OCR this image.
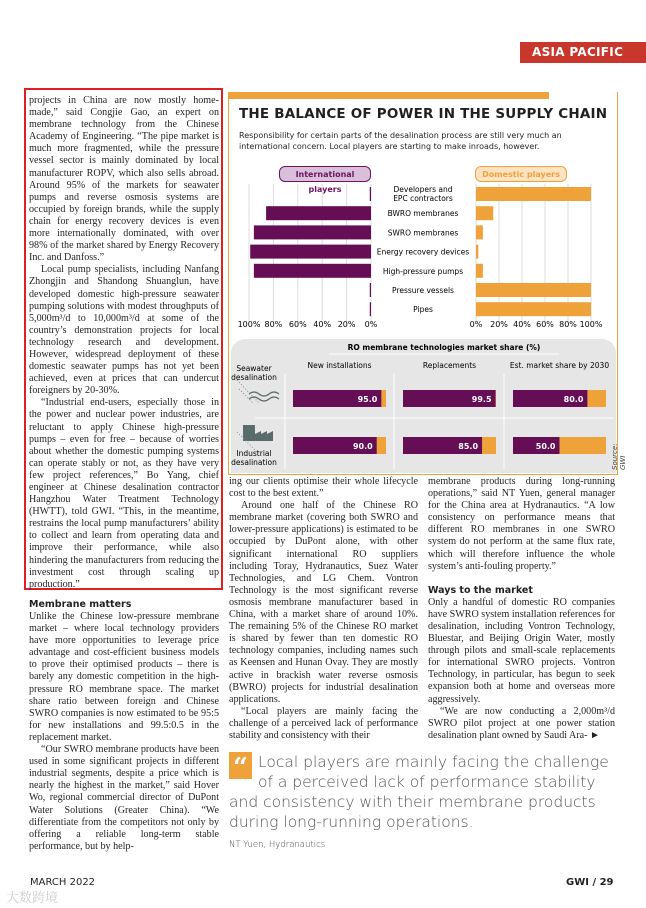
ASIA PACIFIC

projects in China are now mostly home-made,” said Congjie Gao, an expert on membrane technology from the Chinese Academy of Engineering. “The pipe market is much more fragmented, while the pressure vessel sector is mainly dominated by local manufacturer ROPV, which also sells abroad. Around 95% of the markets for seawater pumps and reverse osmosis systems are occupied by foreign brands, while the supply chain for energy recovery devices is even more internationally dominated, with over 98% of the market shared by Energy Recovery Inc. and Danfoss.”

Local pump specialists, including Nanfang Zhongjin and Shandong Shuanglun, have developed domestic high-pressure seawater pumping solutions with modest throughputs of 5,000m³/d to 10,000m³/d at some of the country’s demonstration projects for local technology research and development. However, widespread deployment of these domestic seawater pumps has not yet been achieved, even at prices that can undercut foreigners by 20-30%.

“Industrial end-users, especially those in the power and nuclear power industries, are reluctant to apply Chinese high-pressure pumps – even for free – because of worries about whether the domestic pumping systems can operate stably or not, as they have very few project references,” Bo Yang, chief engineer at Chinese desalination contractor Hangzhou Water Treatment Technology (HWTT), told GWI. “This, in the meantime, restrains the local pump manufacturers’ ability to collect and learn from operating data and improve their performance, while also hindering the manufacturers from reducing the investment cost through scaling up production.”

Membrane matters

Unlike the Chinese low-pressure membrane market – where local technology providers have more opportunities to leverage price advantage and cost-efficient business models to prove their optimised products – there is barely any domestic competition in the high-pressure RO membrane space. The market share ratio between foreign and Chinese SWRO companies is now estimated to be 95:5 for new installations and 99.5:0.5 in the replacement market.

“Our SWRO membrane products have been used in some significant projects in different industrial segments, despite a price which is nearly the highest in the market,” said Hover Wo, regional commercial director of DuPont Water Solutions (Greater China). “We differentiate from the competitors not only by offering a reliable long-term stable performance, but by help-

THE BALANCE OF POWER IN THE SUPPLY CHAIN
Responsibility for certain parts of the desalination process are still very much an international concern. Local players are starting to make inroads, however.
International players
Domestic players
0%	0%
20%	20%
40%	40%
60%	60%
80%	80%
100%	100%
Developers and
EPC contractors
BWRO membranes
SWRO membranes
Energy recovery devices
High-pressure pumps
Pressure vessels
Pipes
RO membrane technologies market share (%)
New installations	Replacements	Est. market share by 2030
Seawater
desalination
95.0	99.5	80.0
Industrial
desalination
90.0	85.0	50.0	Source: GWI

ing our clients optimise their whole lifecycle cost to the best extent.”

Around one half of the Chinese RO membrane market (covering both SWRO and lower-pressure applications) is estimated to be occupied by DuPont alone, with other significant international RO suppliers including Toray, Hydranautics, Suez Water Technologies, and LG Chem. Vontron Technology is the most significant reverse osmosis membrane manufacturer based in China, with a market share of around 10%. The remaining 5% of the Chinese RO market is shared by fewer than ten domestic RO technology companies, including names such as Keensen and Hunan Ovay. They are mostly active in brackish water reverse osmosis (BWRO) projects for industrial desalination applications.

“Local players are mainly facing the challenge of a perceived lack of performance stability and consistency with their

membrane products during long-running operations,” said NT Yuen, general manager for the China area at Hydranautics. “A low consistency on performance means that different RO membranes in one SWRO system do not perform at the same flux rate, which will therefore influence the whole system’s anti-fouling property.”

Ways to the market

Only a handful of domestic RO companies have SWRO system installation references for desalination, including Vontron Technology, Bluestar, and Beijing Origin Water, mostly through pilots and small-scale replacements for international SWRO projects. Vontron Technology, in particular, has begun to seek expansion both at home and overseas more aggressively.

“We are now conducting a 2,000m³/d SWRO pilot project at one power station desalination plant owned by Saudi Ara- ►

“ Local players are mainly facing the challenge of a perceived lack of performance stability and consistency with their membrane products during long-running operations.
NT Yuen, Hydranautics
MARCH 2022	GWI / 29
大数跨境
